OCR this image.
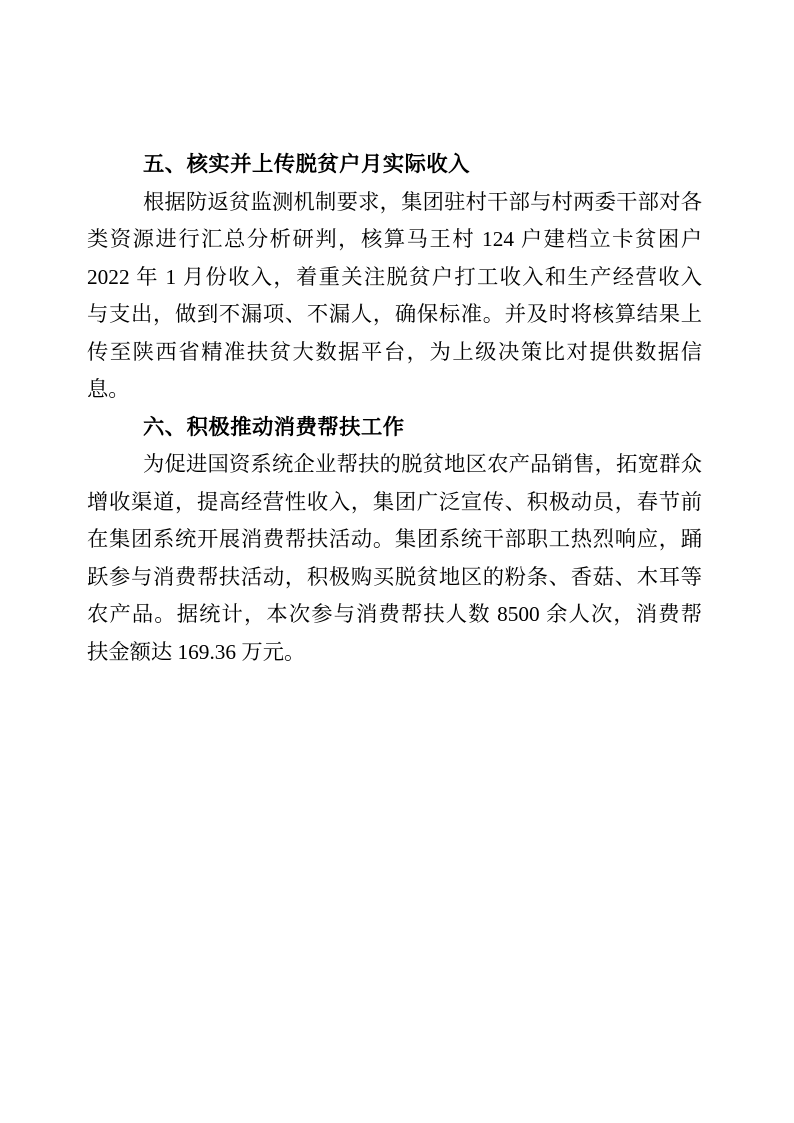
五、核实并上传脱贫户月实际收入
根据防返贫监测机制要求，集团驻村干部与村两委干部对各
类资源进行汇总分析研判，核算马王村 124 户建档立卡贫困户
2022 年 1 月份收入，着重关注脱贫户打工收入和生产经营收入
与支出，做到不漏项、不漏人，确保标准。并及时将核算结果上
传至陕西省精准扶贫大数据平台，为上级决策比对提供数据信
息。
六、积极推动消费帮扶工作
为促进国资系统企业帮扶的脱贫地区农产品销售，拓宽群众
增收渠道，提高经营性收入，集团广泛宣传、积极动员，春节前
在集团系统开展消费帮扶活动。集团系统干部职工热烈响应，踊
跃参与消费帮扶活动，积极购买脱贫地区的粉条、香菇、木耳等
农产品。据统计，本次参与消费帮扶人数 8500 余人次，消费帮
扶金额达 169.36 万元。
